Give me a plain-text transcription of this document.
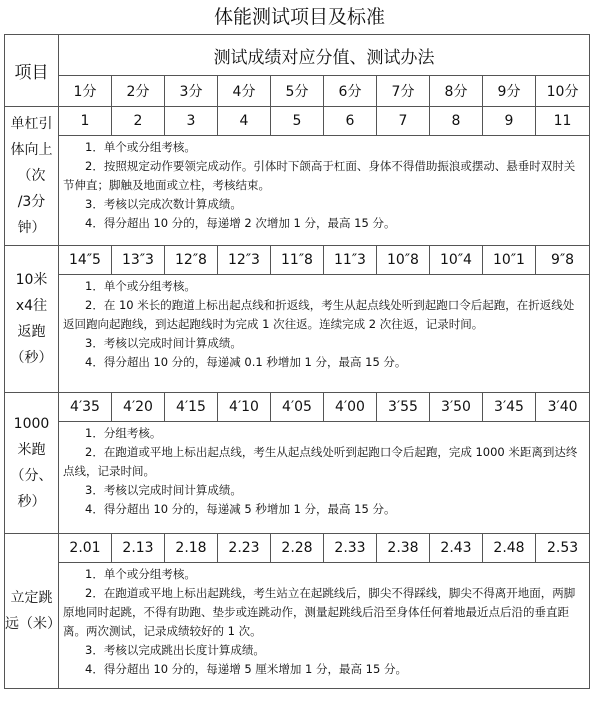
体能测试项目及标准
项目	测试成绩对应分值、测试办法									
	1分	2分	3分	4分	5分	6分	7分	8分	9分	10分

单杠引
体向上
（次
/3分
钟）	1	2	3	4	5	6	7	8	9	11

	1．单个或分组考核。
2．按照规定动作要领完成动作。引体时下颌高于杠面、身体不得借助振浪或摆动、悬垂时双肘关节伸直；脚触及地面或立柱，考核结束。
3．考核以完成次数计算成绩。
4．得分超出 10 分的，每递增 2 次增加 1 分，最高 15 分。									

10米
x4往
返跑
（秒）	14″5	13″3	12″8	12″3	11″8	11″3	10″8	10″4	10″1	9″8

	1．单个或分组考核。
2．在 10 米长的跑道上标出起点线和折返线，考生从起点线处听到起跑口令后起跑，在折返线处返回跑向起跑线，到达起跑线时为完成 1 次往返。连续完成 2 次往返，记录时间。
3．考核以完成时间计算成绩。
4．得分超出 10 分的，每递减 0.1 秒增加 1 分，最高 15 分。									

1000
米跑
（分、
秒）	4′35	4′20	4′15	4′10	4′05	4′00	3′55	3′50	3′45	3′40

	1．分组考核。
2．在跑道或平地上标出起点线，考生从起点线处听到起跑口令后起跑，完成 1000 米距离到达终点线，记录时间。
3．考核以完成时间计算成绩。
4．得分超出 10 分的，每递减 5 秒增加 1 分，最高 15 分。									

立定跳
远（米）	2.01	2.13	2.18	2.23	2.28	2.33	2.38	2.43	2.48	2.53

	1．单个或分组考核。
2．在跑道或平地上标出起跳线，考生站立在起跳线后，脚尖不得踩线，脚尖不得离开地面，两脚原地同时起跳，不得有助跑、垫步或连跳动作，测量起跳线后沿至身体任何着地最近点后沿的垂直距离。两次测试，记录成绩较好的 1 次。
3．考核以完成跳出长度计算成绩。
4．得分超出 10 分的，每递增 5 厘米增加 1 分，最高 15 分。									
